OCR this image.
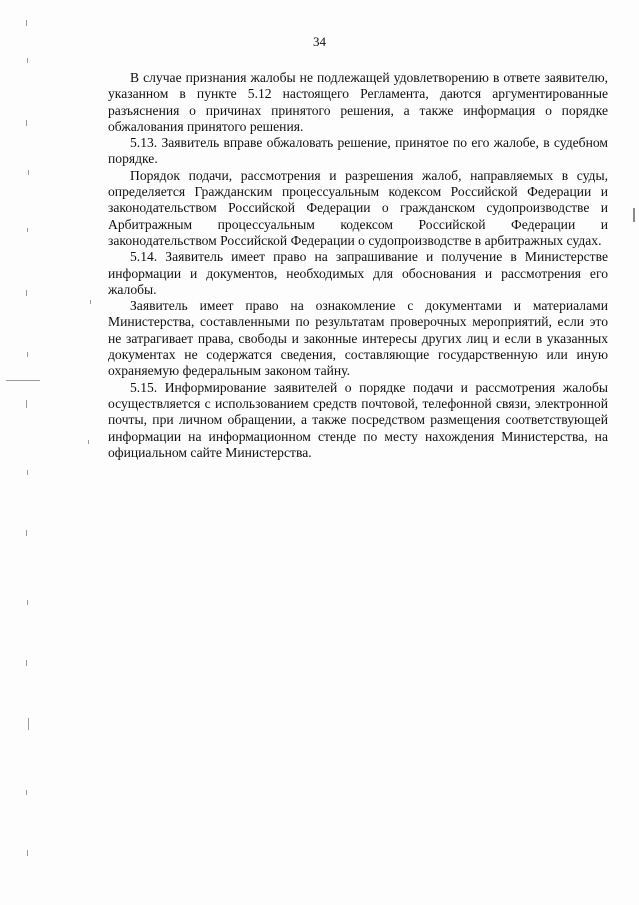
34

В случае признания жалобы не подлежащей удовлетворению в ответе заявителю, указанном в пункте 5.12 настоящего Регламента, даются аргументированные разъяснения о причинах принятого решения, а также информация о порядке обжалования принятого решения.

5.13. Заявитель вправе обжаловать решение, принятое по его жалобе, в судебном порядке.

Порядок подачи, рассмотрения и разрешения жалоб, направляемых в суды, определяется Гражданским процессуальным кодексом Российской Федерации и законодательством Российской Федерации о гражданском судопроизводстве и Арбитражным процессуальным кодексом Российской Федерации и законодательством Российской Федерации о судопроизводстве в арбитражных судах.

5.14. Заявитель имеет право на запрашивание и получение в Министерстве информации и документов, необходимых для обоснования и рассмотрения его жалобы.

Заявитель имеет право на ознакомление с документами и материалами Министерства, составленными по результатам проверочных мероприятий, если это не затрагивает права, свободы и законные интересы других лиц и если в указанных документах не содержатся сведения, составляющие государственную или иную охраняемую федеральным законом тайну.

5.15. Информирование заявителей о порядке подачи и рассмотрения жалобы осуществляется с использованием средств почтовой, телефонной связи, электронной почты, при личном обращении, а также посредством размещения соответствующей информации на информационном стенде по месту нахождения Министерства, на официальном сайте Министерства.
